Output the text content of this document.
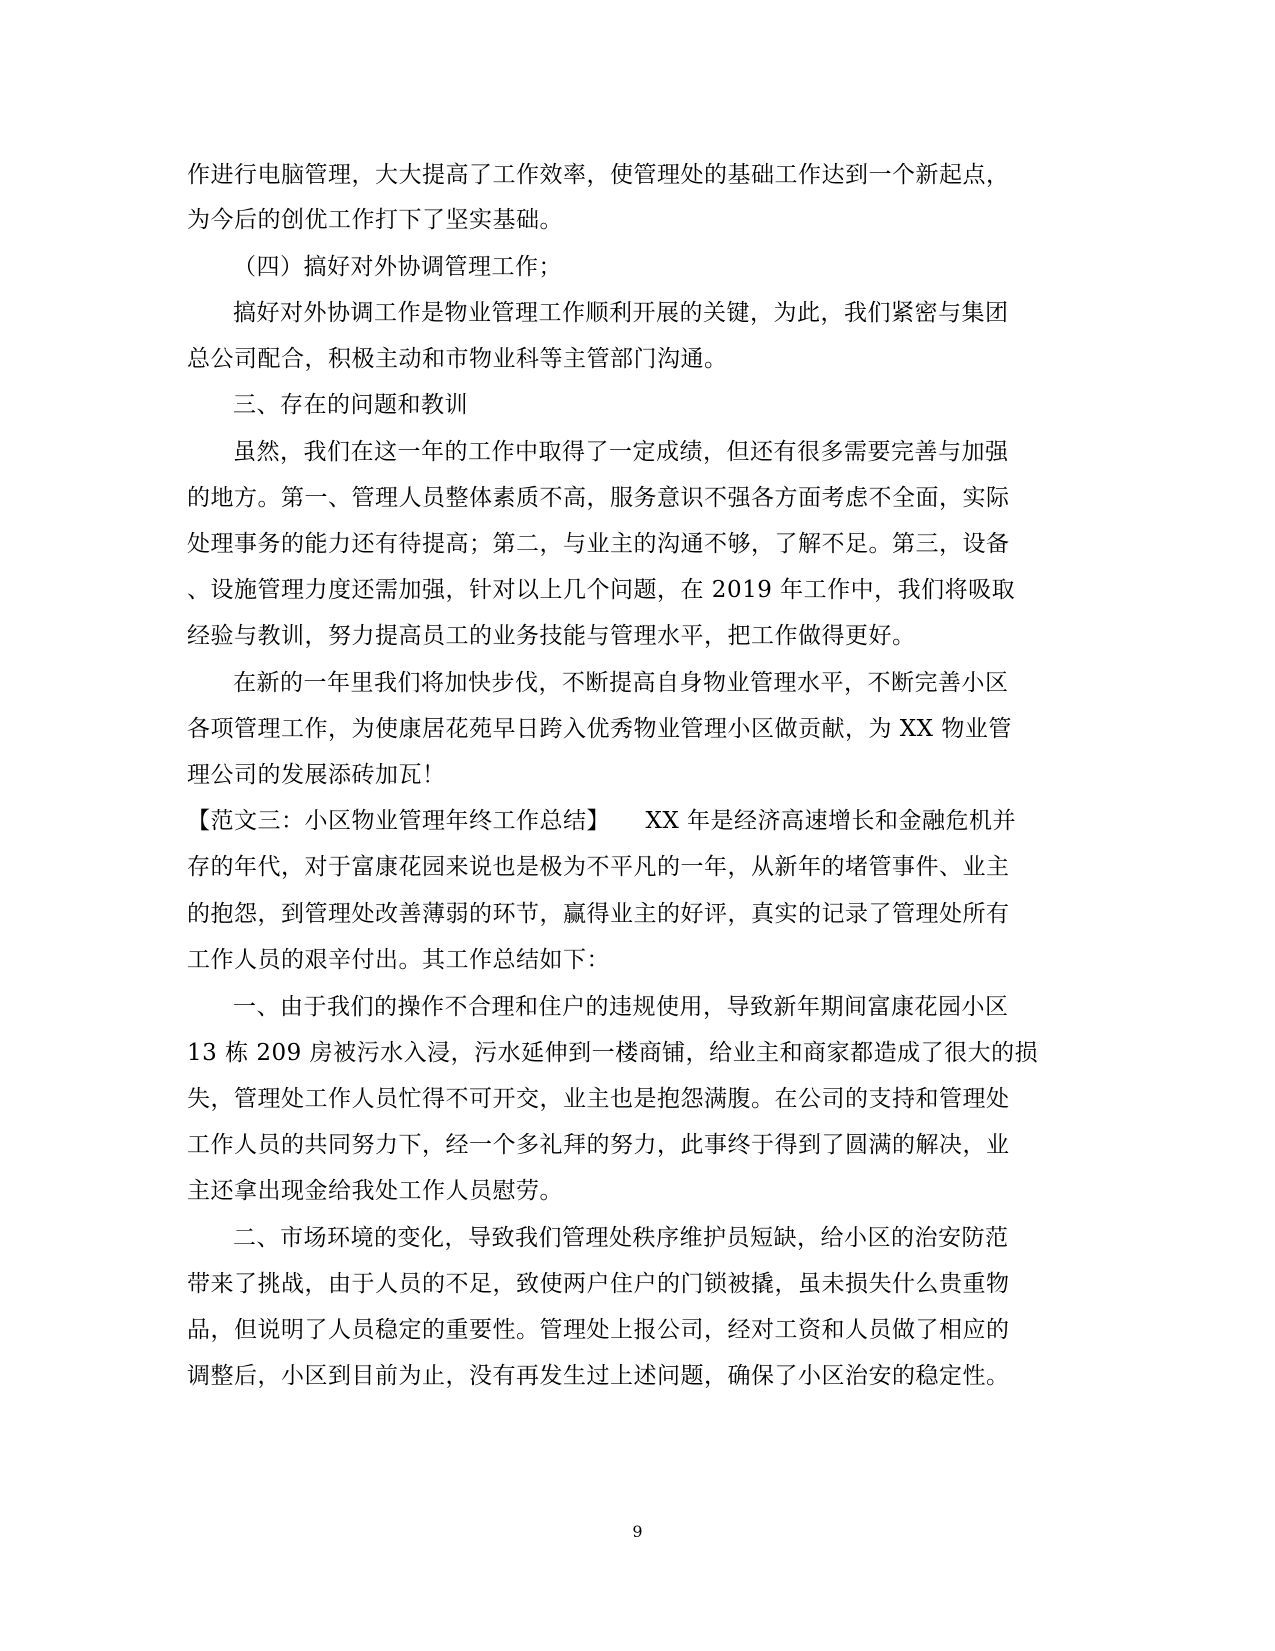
作进行电脑管理，大大提高了工作效率，使管理处的基础工作达到一个新起点，
为今后的创优工作打下了坚实基础。
（四）搞好对外协调管理工作；
搞好对外协调工作是物业管理工作顺利开展的关键，为此，我们紧密与集团
总公司配合，积极主动和市物业科等主管部门沟通。
三、存在的问题和教训
虽然，我们在这一年的工作中取得了一定成绩，但还有很多需要完善与加强
的地方。第一、管理人员整体素质不高，服务意识不强各方面考虑不全面，实际
处理事务的能力还有待提高；第二，与业主的沟通不够，了解不足。第三，设备
、设施管理力度还需加强，针对以上几个问题，在 2019 年工作中，我们将吸取
经验与教训，努力提高员工的业务技能与管理水平，把工作做得更好。
在新的一年里我们将加快步伐，不断提高自身物业管理水平，不断完善小区
各项管理工作，为使康居花苑早日跨入优秀物业管理小区做贡献，为 XX 物业管
理公司的发展添砖加瓦！
【范文三：小区物业管理年终工作总结】　　XX 年是经济高速增长和金融危机并
存的年代，对于富康花园来说也是极为不平凡的一年，从新年的堵管事件、业主
的抱怨，到管理处改善薄弱的环节，赢得业主的好评，真实的记录了管理处所有
工作人员的艰辛付出。其工作总结如下：
一、由于我们的操作不合理和住户的违规使用，导致新年期间富康花园小区
13 栋 209 房被污水入浸，污水延伸到一楼商铺，给业主和商家都造成了很大的损
失，管理处工作人员忙得不可开交，业主也是抱怨满腹。在公司的支持和管理处
工作人员的共同努力下，经一个多礼拜的努力，此事终于得到了圆满的解决，业
主还拿出现金给我处工作人员慰劳。
二、市场环境的变化，导致我们管理处秩序维护员短缺，给小区的治安防范
带来了挑战，由于人员的不足，致使两户住户的门锁被撬，虽未损失什么贵重物
品，但说明了人员稳定的重要性。管理处上报公司，经对工资和人员做了相应的
调整后，小区到目前为止，没有再发生过上述问题，确保了小区治安的稳定性。
9
